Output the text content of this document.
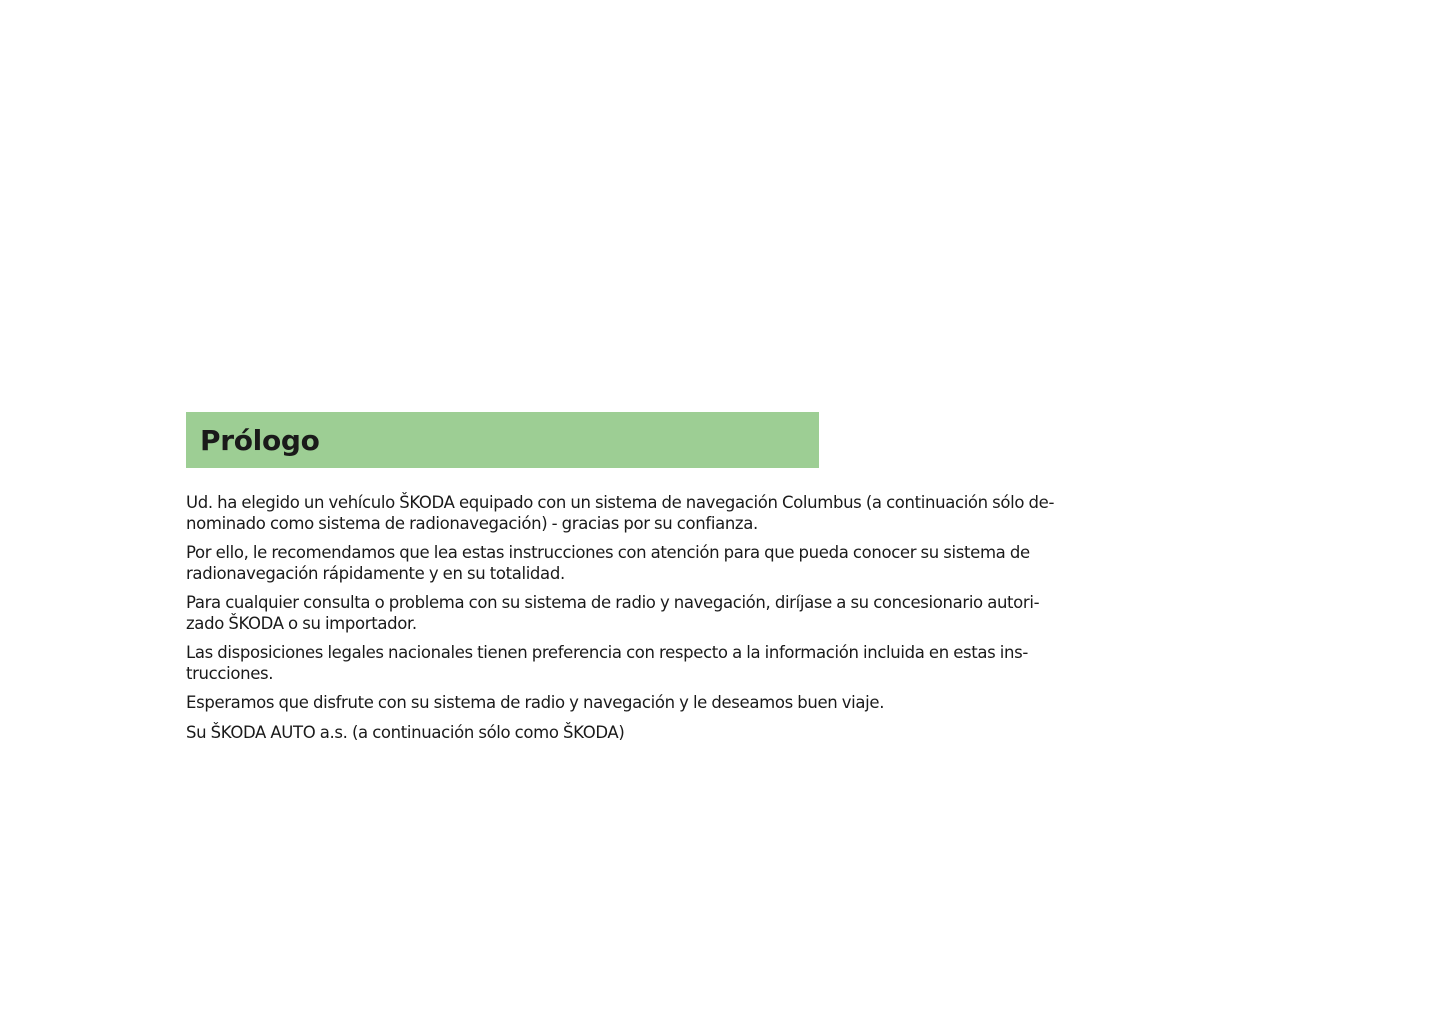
Prólogo

Ud. ha elegido un vehículo ŠKODA equipado con un sistema de navegación Columbus (a continuación sólo de-
nominado como sistema de radionavegación) - gracias por su confianza.

Por ello, le recomendamos que lea estas instrucciones con atención para que pueda conocer su sistema de
radionavegación rápidamente y en su totalidad.

Para cualquier consulta o problema con su sistema de radio y navegación, diríjase a su concesionario autori-
zado ŠKODA o su importador.

Las disposiciones legales nacionales tienen preferencia con respecto a la información incluida en estas ins-
trucciones.

Esperamos que disfrute con su sistema de radio y navegación y le deseamos buen viaje.

Su ŠKODA AUTO a.s. (a continuación sólo como ŠKODA)
